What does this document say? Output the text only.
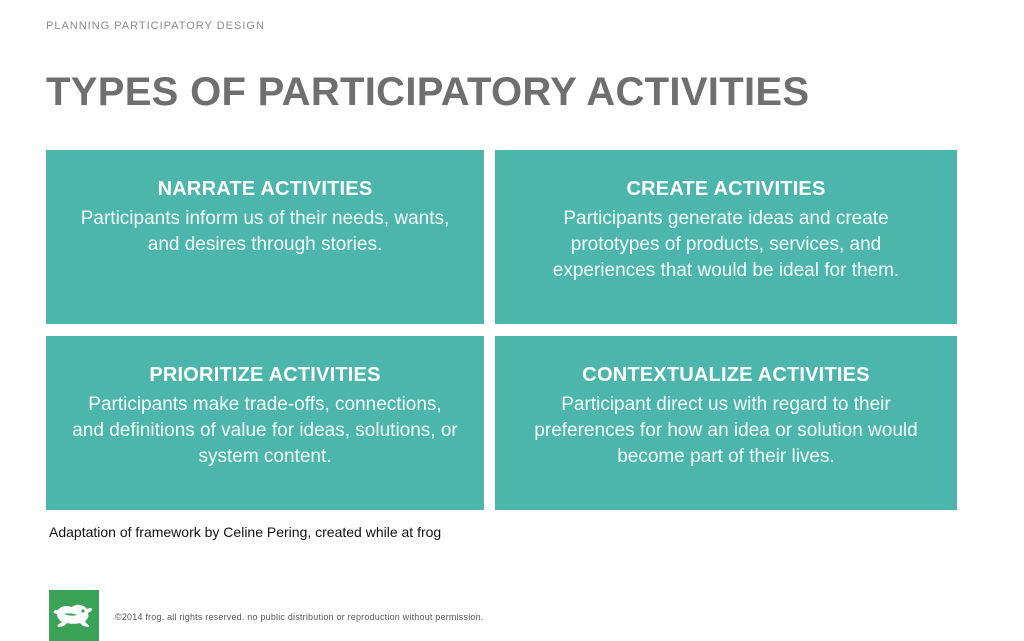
PLANNING PARTICIPATORY DESIGN
TYPES OF PARTICIPATORY ACTIVITIES

NARRATE ACTIVITIES

Participants inform us of their needs, wants, and desires through stories.

CREATE ACTIVITIES

Participants generate ideas and create prototypes of products, services, and experiences that would be ideal for them.

PRIORITIZE ACTIVITIES

Participants make trade-offs, connections, and definitions of value for ideas, solutions, or system content.

CONTEXTUALIZE ACTIVITIES

Participant direct us with regard to their preferences for how an idea or solution would become part of their lives.

Adaptation of framework by Celine Pering, created while at frog
©2014 frog. all rights reserved. no public distribution or reproduction without permission.
